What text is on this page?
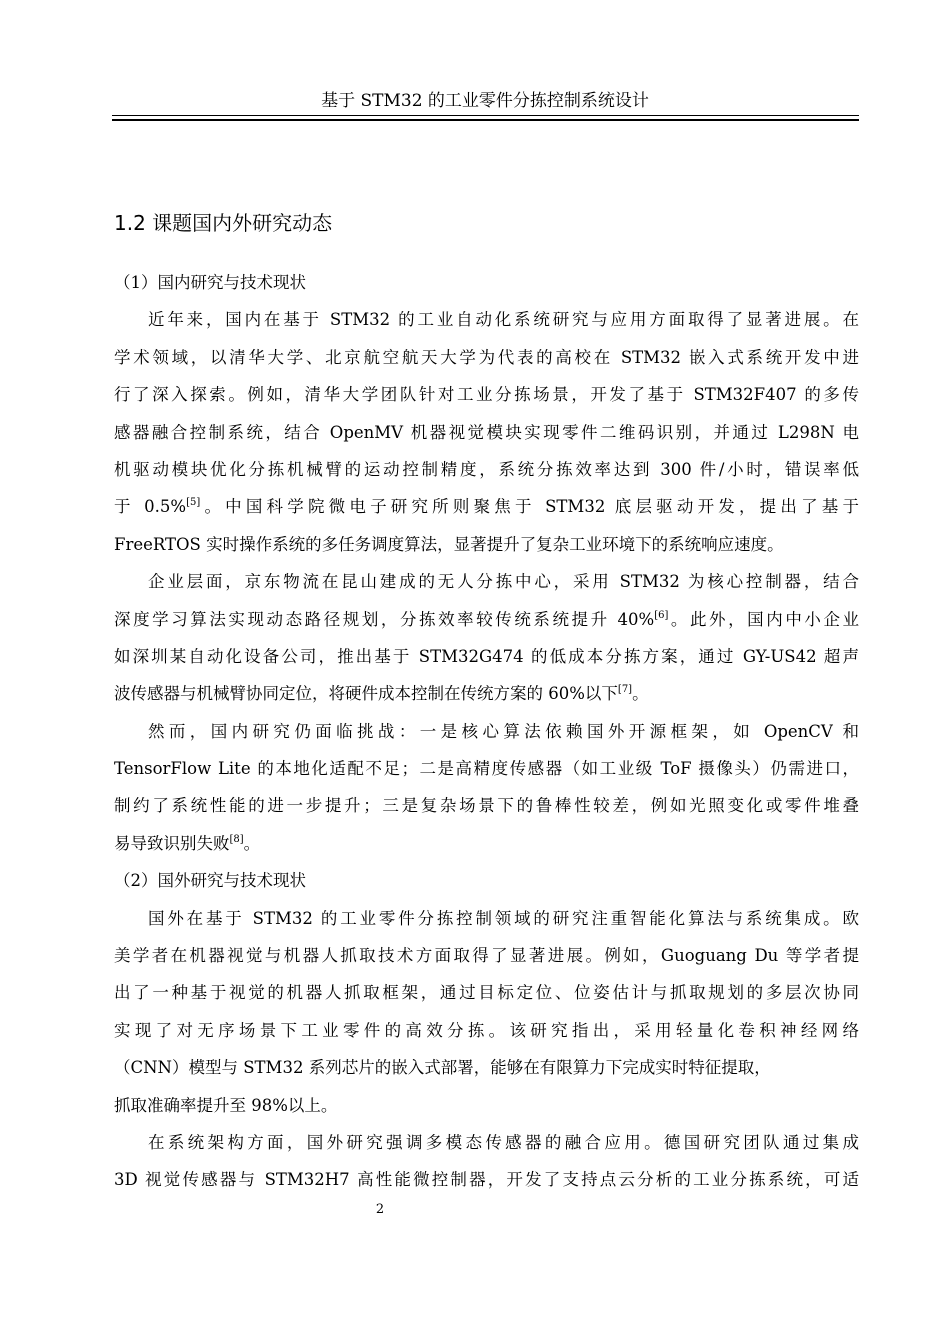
基于 STM32 的工业零件分拣控制系统设计
1.2 课题国内外研究动态
（1）国内研究与技术现状
近年来，国内在基于 STM32 的工业自动化系统研究与应用方面取得了显著进展。在
学术领域，以清华大学、北京航空航天大学为代表的高校在 STM32 嵌入式系统开发中进
行了深入探索。例如，清华大学团队针对工业分拣场景，开发了基于 STM32F407 的多传
感器融合控制系统，结合 OpenMV 机器视觉模块实现零件二维码识别，并通过 L298N 电
机驱动模块优化分拣机械臂的运动控制精度，系统分拣效率达到 300 件/小时，错误率低
于 0.5%[5]。中国科学院微电子研究所则聚焦于 STM32 底层驱动开发，提出了基于
FreeRTOS 实时操作系统的多任务调度算法，显著提升了复杂工业环境下的系统响应速度。
企业层面，京东物流在昆山建成的无人分拣中心，采用 STM32 为核心控制器，结合
深度学习算法实现动态路径规划，分拣效率较传统系统提升 40%[6]。此外，国内中小企业
如深圳某自动化设备公司，推出基于 STM32G474 的低成本分拣方案，通过 GY-US42 超声
波传感器与机械臂协同定位，将硬件成本控制在传统方案的 60%以下[7]。
然而，国内研究仍面临挑战：一是核心算法依赖国外开源框架，如 OpenCV 和
TensorFlow Lite 的本地化适配不足；二是高精度传感器（如工业级 ToF 摄像头）仍需进口，
制约了系统性能的进一步提升；三是复杂场景下的鲁棒性较差，例如光照变化或零件堆叠
易导致识别失败[8]。
（2）国外研究与技术现状
国外在基于 STM32 的工业零件分拣控制领域的研究注重智能化算法与系统集成。欧
美学者在机器视觉与机器人抓取技术方面取得了显著进展。例如，Guoguang Du 等学者提
出了一种基于视觉的机器人抓取框架，通过目标定位、位姿估计与抓取规划的多层次协同
实现了对无序场景下工业零件的高效分拣。该研究指出，采用轻量化卷积神经网络
（CNN）模型与 STM32 系列芯片的嵌入式部署，能够在有限算力下完成实时特征提取，
抓取准确率提升至 98%以上。
在系统架构方面，国外研究强调多模态传感器的融合应用。德国研究团队通过集成
3D 视觉传感器与 STM32H7 高性能微控制器，开发了支持点云分析的工业分拣系统，可适
2
